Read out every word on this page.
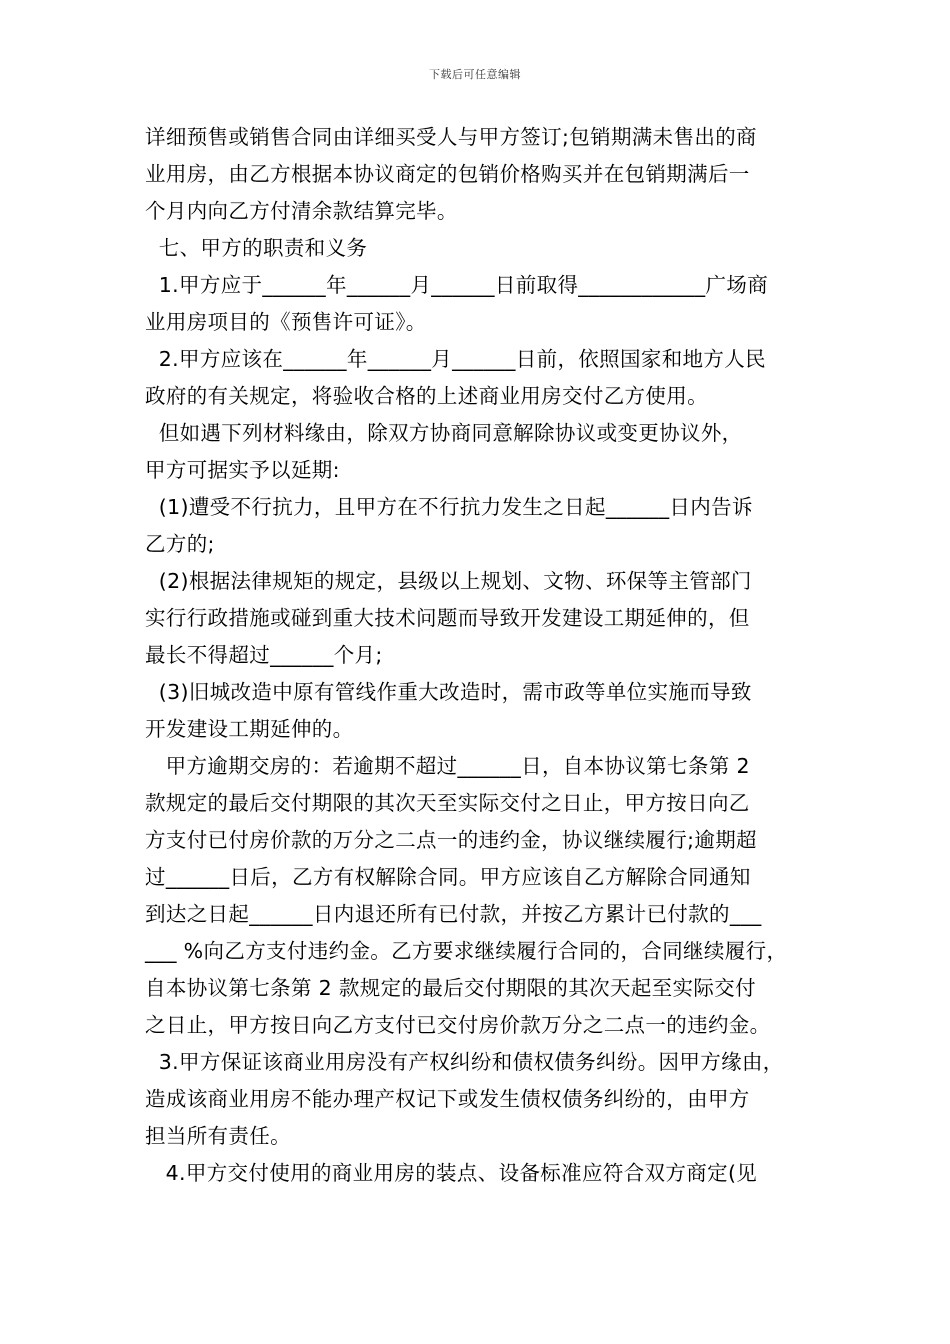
下载后可任意编辑
详细预售或销售合同由详细买受人与甲方签订;包销期满未售出的商
业用房，由乙方根据本协议商定的包销价格购买并在包销期满后一
个月内向乙方付清余款结算完毕。
七、甲方的职责和义务
1.甲方应于______年______月______日前取得____________广场商
业用房项目的《预售许可证》。
2.甲方应该在______年______月______日前，依照国家和地方人民
政府的有关规定，将验收合格的上述商业用房交付乙方使用。
但如遇下列材料缘由，除双方协商同意解除协议或变更协议外，
甲方可据实予以延期:
(1)遭受不行抗力，且甲方在不行抗力发生之日起______日内告诉
乙方的;
(2)根据法律规矩的规定，县级以上规划、文物、环保等主管部门
实行行政措施或碰到重大技术问题而导致开发建设工期延伸的，但
最长不得超过______个月;
(3)旧城改造中原有管线作重大改造时，需市政等单位实施而导致
开发建设工期延伸的。
甲方逾期交房的：若逾期不超过______日，自本协议第七条第 2
款规定的最后交付期限的其次天至实际交付之日止，甲方按日向乙
方支付已付房价款的万分之二点一的违约金，协议继续履行;逾期超
过______日后，乙方有权解除合同。甲方应该自乙方解除合同通知
到达之日起______日内退还所有已付款，并按乙方累计已付款的___
___ %向乙方支付违约金。乙方要求继续履行合同的，合同继续履行，
自本协议第七条第 2 款规定的最后交付期限的其次天起至实际交付
之日止，甲方按日向乙方支付已交付房价款万分之二点一的违约金。
3.甲方保证该商业用房没有产权纠纷和债权债务纠纷。因甲方缘由，
造成该商业用房不能办理产权记下或发生债权债务纠纷的，由甲方
担当所有责任。
4.甲方交付使用的商业用房的装点、设备标准应符合双方商定(见
